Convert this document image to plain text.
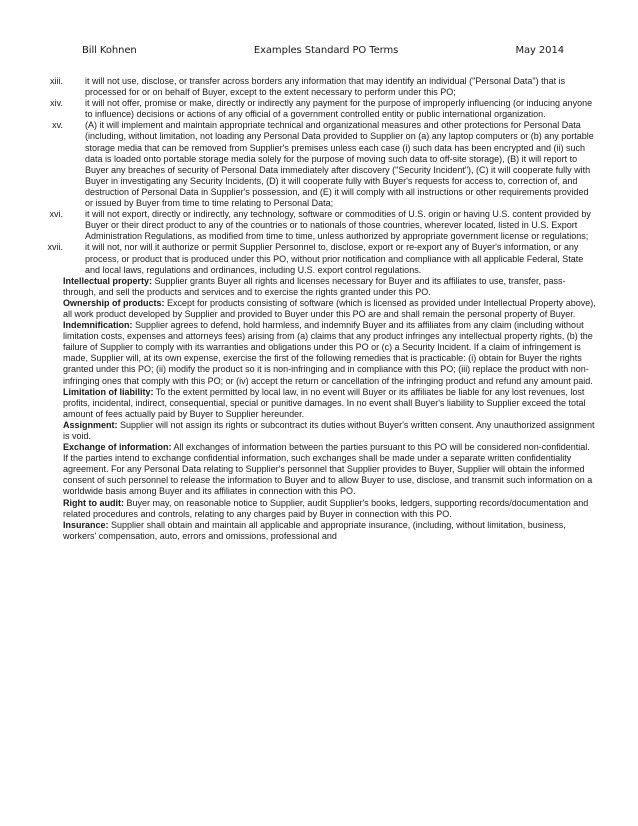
Bill Kohnen	Examples Standard PO Terms	May 2014
xiii.	it will not use, disclose, or transfer across borders any information that may identify an individual ("Personal Data") that is processed for or on behalf of Buyer, except to the extent necessary to perform under this PO;
xiv.	it will not offer, promise or make, directly or indirectly any payment for the purpose of improperly influencing (or inducing anyone to influence) decisions or actions of any official of a government controlled entity or public international organization.
xv.	(A) it will implement and maintain appropriate technical and organizational measures and other protections for Personal Data (including, without limitation, not loading any Personal Data provided to Supplier on (a) any laptop computers or (b) any portable storage media that can be removed from Supplier's premises unless each case (i) such data has been encrypted and (ii) such data is loaded onto portable storage media solely for the purpose of moving such data to off-site storage), (B) it will report to Buyer any breaches of security of Personal Data immediately after discovery ("Security Incident"), (C) it will cooperate fully with Buyer in investigating any Security Incidents, (D) it will cooperate fully with Buyer's requests for access to, correction of, and destruction of Personal Data in Supplier's possession, and (E) it will comply with all instructions or other requirements provided or issued by Buyer from time to time relating to Personal Data;
xvi.	it will not export, directly or indirectly, any technology, software or commodities of U.S. origin or having U.S. content provided by Buyer or their direct product to any of the countries or to nationals of those countries, wherever located, listed in U.S. Export Administration Regulations, as modified from time to time, unless authorized by appropriate government license or regulations;
xvii.	it will not, nor will it authorize or permit Supplier Personnel to, disclose, export or re-export any of Buyer's information, or any process, or product that is produced under this PO, without prior notification and compliance with all applicable Federal, State and local laws, regulations and ordinances, including U.S. export control regulations.
Intellectual property: Supplier grants Buyer all rights and licenses necessary for Buyer and its affiliates to use, transfer, pass-through, and sell the products and services and to exercise the rights granted under this PO.
Ownership of products: Except for products consisting of software (which is licensed as provided under Intellectual Property above), all work product developed by Supplier and provided to Buyer under this PO are and shall remain the personal property of Buyer.
Indemnification: Supplier agrees to defend, hold harmless, and indemnify Buyer and its affiliates from any claim (including without limitation costs, expenses and attorneys fees) arising from (a) claims that any product infringes any intellectual property rights, (b) the failure of Supplier to comply with its warranties and obligations under this PO or (c) a Security Incident. If a claim of infringement is made, Supplier will, at its own expense, exercise the first of the following remedies that is practicable: (i) obtain for Buyer the rights granted under this PO; (ii) modify the product so it is non-infringing and in compliance with this PO; (iii) replace the product with non-infringing ones that comply with this PO; or (iv) accept the return or cancellation of the infringing product and refund any amount paid.
Limitation of liability: To the extent permitted by local law, in no event will Buyer or its affiliates be liable for any lost revenues, lost profits, incidental, indirect, consequential, special or punitive damages. In no event shall Buyer's liability to Supplier exceed the total amount of fees actually paid by Buyer to Supplier hereunder.
Assignment: Supplier will not assign its rights or subcontract its duties without Buyer's written consent. Any unauthorized assignment is void.
Exchange of information: All exchanges of information between the parties pursuant to this PO will be considered non-confidential. If the parties intend to exchange confidential information, such exchanges shall be made under a separate written confidentiality agreement. For any Personal Data relating to Supplier's personnel that Supplier provides to Buyer, Supplier will obtain the informed consent of such personnel to release the information to Buyer and to allow Buyer to use, disclose, and transmit such information on a worldwide basis among Buyer and its affiliates in connection with this PO.
Right to audit: Buyer may, on reasonable notice to Supplier, audit Supplier's books, ledgers, supporting records/documentation and related procedures and controls, relating to any charges paid by Buyer in connection with this PO.
Insurance: Supplier shall obtain and maintain all applicable and appropriate insurance, (including, without limitation, business, workers' compensation, auto, errors and omissions, professional and
